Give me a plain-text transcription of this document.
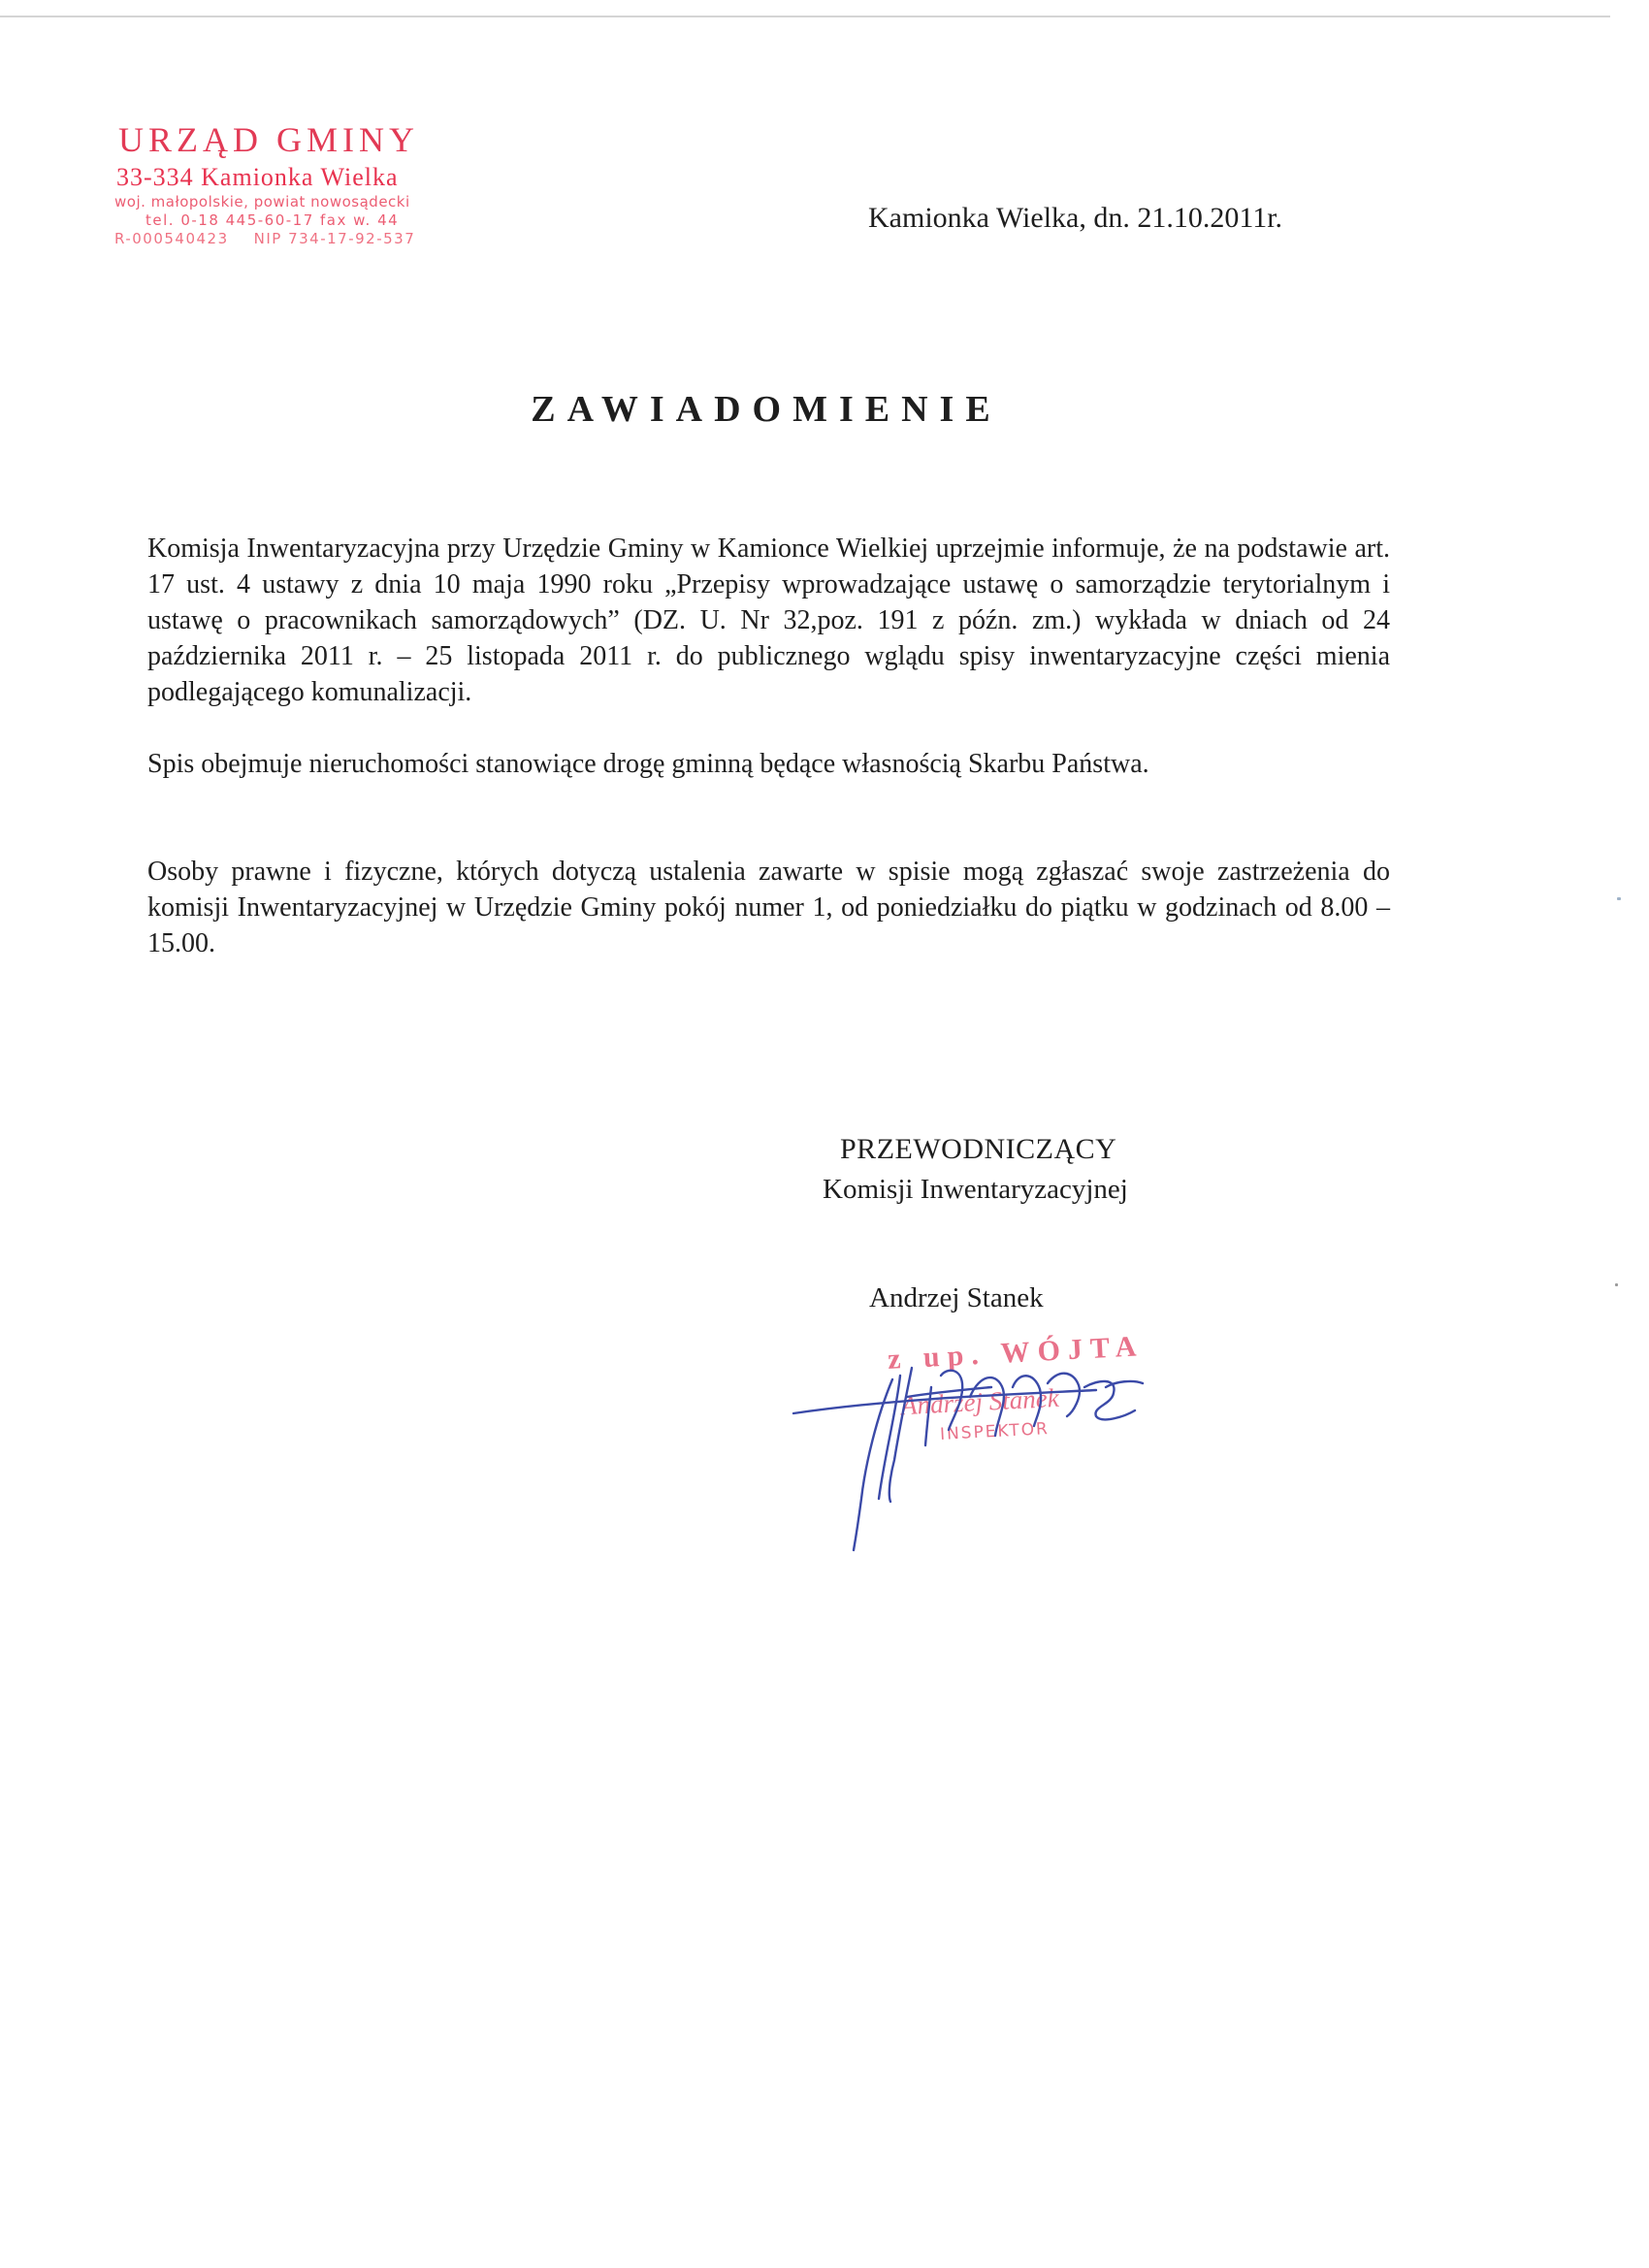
URZĄD GMINY
33-334 Kamionka Wielka
woj. małopolskie, powiat nowosądecki
tel. 0-18 445-60-17 fax w. 44
R-000540423 NIP 734-17-92-537
Kamionka Wielka, dn. 21.10.2011r.
ZAWIADOMIENIE

Komisja Inwentaryzacyjna przy Urzędzie Gminy w Kamionce Wielkiej uprzejmie informuje, że na podstawie art. 17 ust. 4 ustawy z dnia 10 maja 1990 roku „Przepisy wprowadzające ustawę o samorządzie terytorialnym i ustawę o pracownikach samorządowych” (DZ. U. Nr 32,poz. 191 z późn. zm.) wykłada w dniach od 24 października 2011 r. – 25 listopada 2011 r. do publicznego wglądu spisy inwentaryzacyjne części mienia podlegającego komunalizacji.

Spis obejmuje nieruchomości stanowiące drogę gminną będące własnością Skarbu Państwa.

Osoby prawne i fizyczne, których dotyczą ustalenia zawarte w spisie mogą zgłaszać swoje zastrzeżenia do komisji Inwentaryzacyjnej w Urzędzie Gminy pokój numer 1, od poniedziałku do piątku w godzinach od 8.00 – 15.00.

PRZEWODNICZĄCY
Komisji Inwentaryzacyjnej
Andrzej Stanek
z up. WÓJTA
Andrzej Stanek
INSPEKTOR
